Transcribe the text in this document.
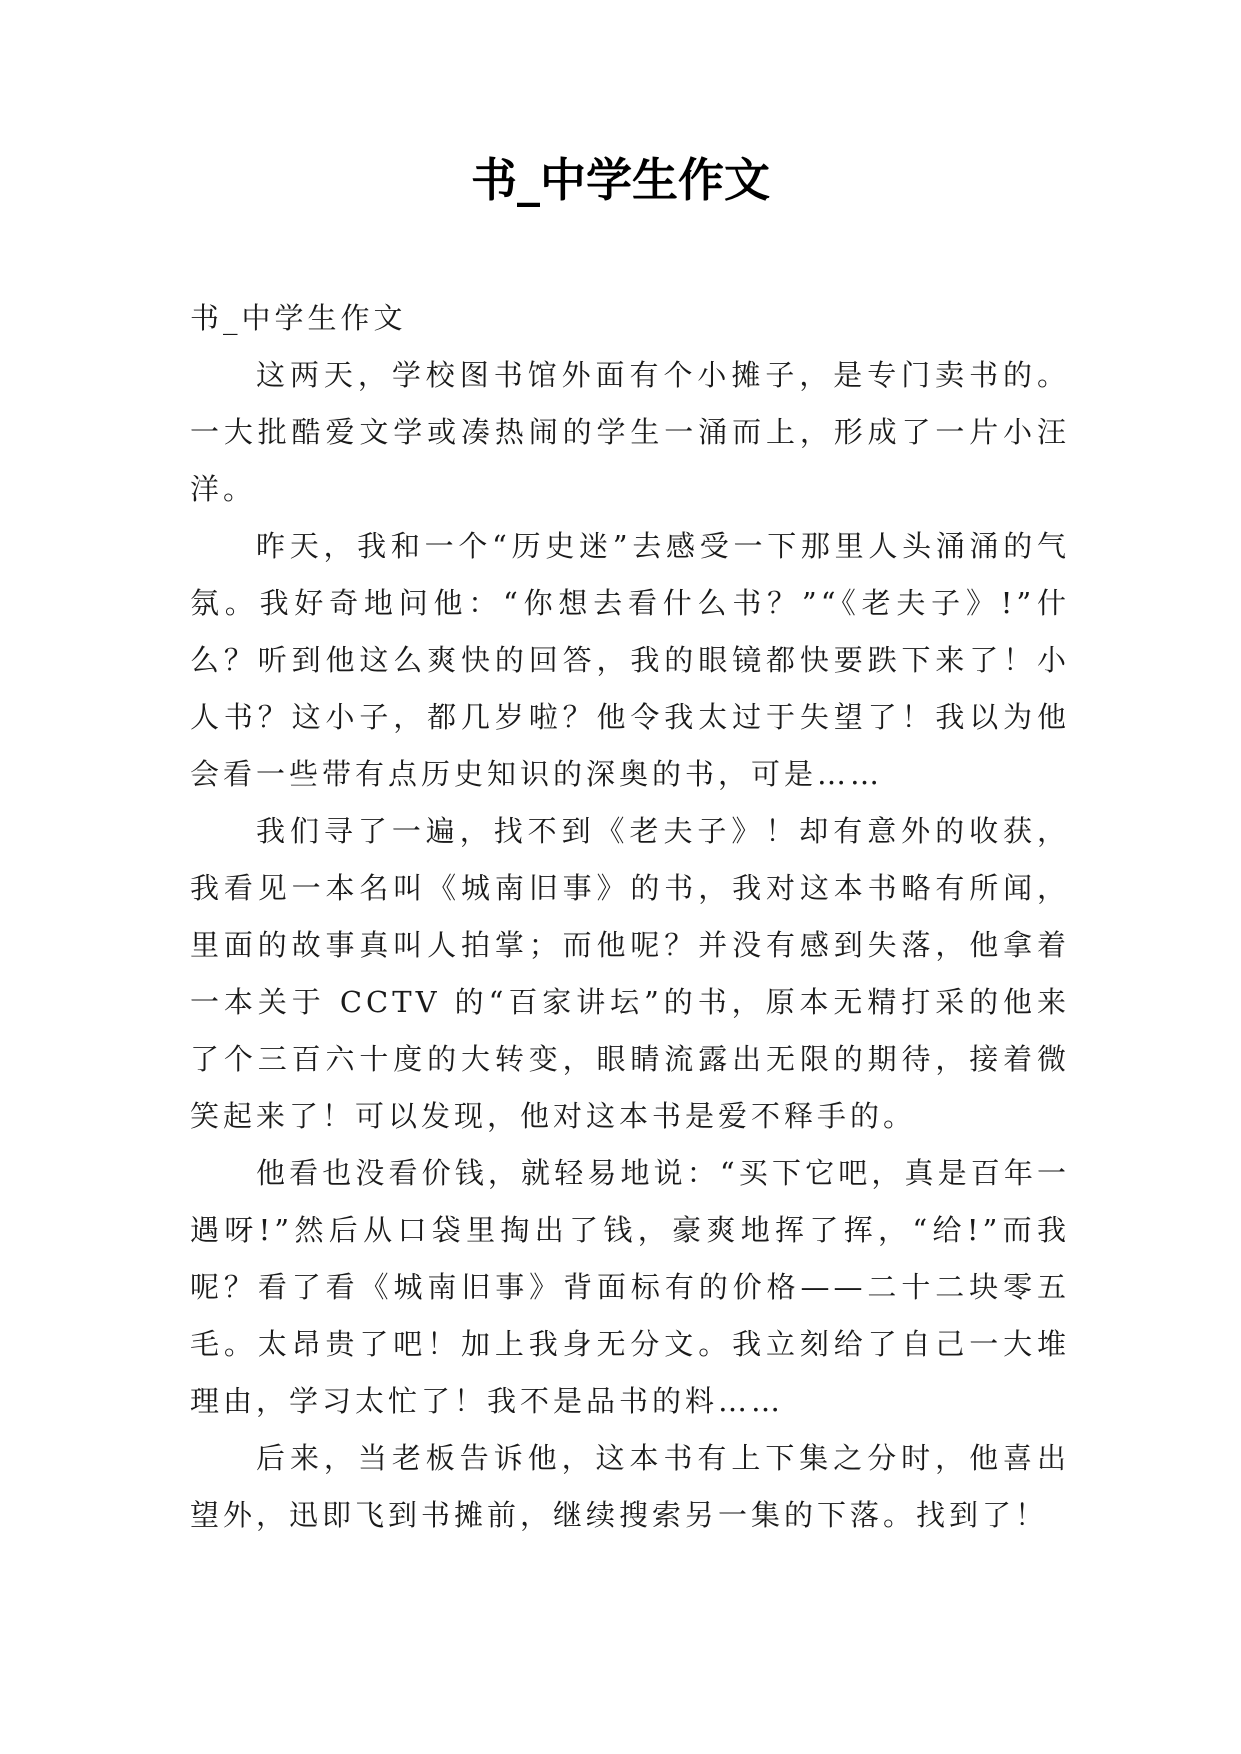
书_中学生作文

书_中学生作文

这两天，学校图书馆外面有个小摊子，是专门卖书的。一大批酷爱文学或凑热闹的学生一涌而上，形成了一片小汪洋。

昨天，我和一个“历史迷”去感受一下那里人头涌涌的气氛。我好奇地问他：“你想去看什么书？”“《老夫子》!”什么？听到他这么爽快的回答，我的眼镜都快要跌下来了！小人书？这小子，都几岁啦？他令我太过于失望了！我以为他会看一些带有点历史知识的深奥的书，可是……

我们寻了一遍，找不到《老夫子》！却有意外的收获，我看见一本名叫《城南旧事》的书，我对这本书略有所闻，里面的故事真叫人拍掌；而他呢？并没有感到失落，他拿着一本关于 CCTV 的“百家讲坛”的书，原本无精打采的他来了个三百六十度的大转变，眼睛流露出无限的期待，接着微笑起来了！可以发现，他对这本书是爱不释手的。

他看也没看价钱，就轻易地说：“买下它吧，真是百年一遇呀!”然后从口袋里掏出了钱，豪爽地挥了挥，“给!”而我呢？看了看《城南旧事》背面标有的价格——二十二块零五毛。太昂贵了吧！加上我身无分文。我立刻给了自己一大堆理由，学习太忙了！我不是品书的料……

后来，当老板告诉他，这本书有上下集之分时，他喜出望外，迅即飞到书摊前，继续搜索另一集的下落。找到了！
